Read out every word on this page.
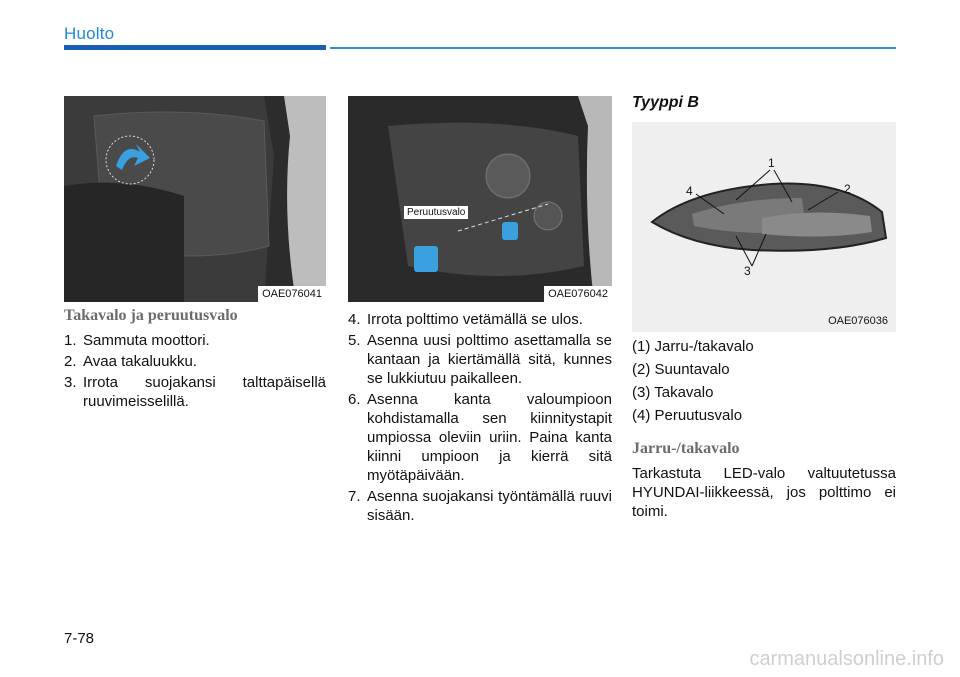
Huolto
OAE076041
Peruutusvalo
OAE076042
Tyyppi B
1
2
3
4
OAE076036
Takavalo ja peruutusvalo
1. Sammuta moottori.
2. Avaa takaluukku.
3. Irrota suojakansi talttapäisellä ruuvimeisselillä.
4. Irrota polttimo vetämällä se ulos.
5. Asenna uusi polttimo asettamalla se kantaan ja kiertämällä sitä, kunnes se lukkiutuu paikalleen.
6. Asenna kanta valoumpioon kohdistamalla sen kiinnitystapit umpiossa oleviin uriin. Paina kanta kiinni umpioon ja kierrä sitä myötäpäivään.
7. Asenna suojakansi työntämällä ruuvi sisään.

(1) Jarru-/takavalo

(2) Suuntavalo

(3) Takavalo

(4) Peruutusvalo

Jarru-/takavalo

Tarkastuta LED-valo valtuutetussa HYUNDAI-liikkeessä, jos polttimo ei toimi.

7-78
carmanualsonline.info
